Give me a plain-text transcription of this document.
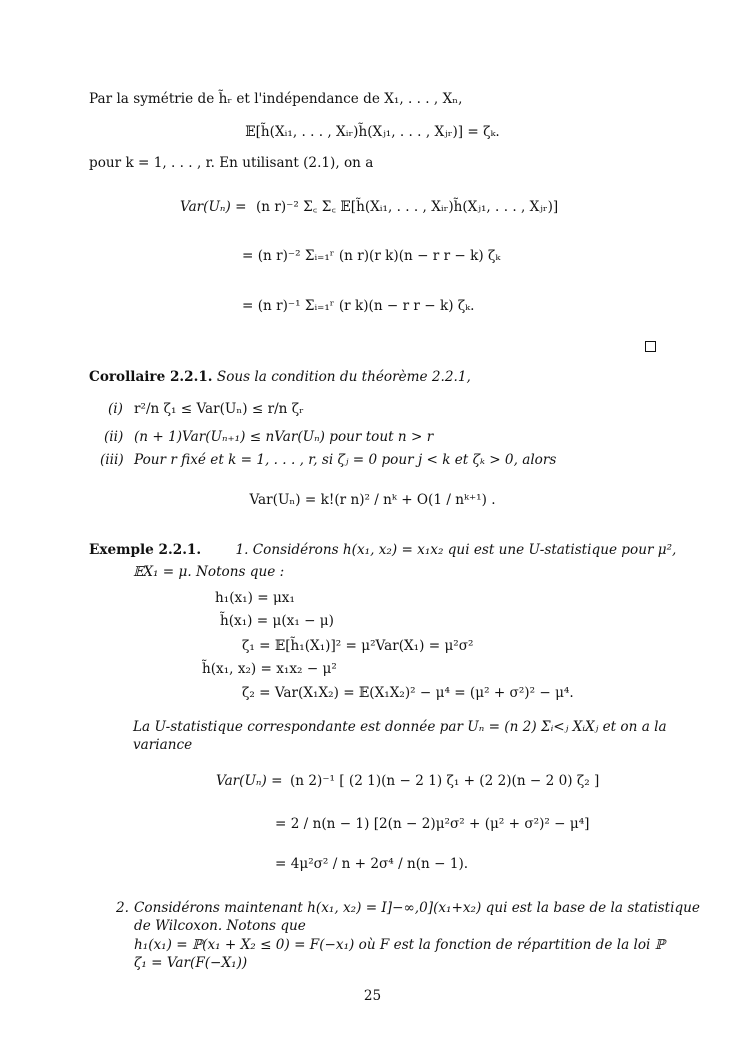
Par la symétrie de h̃ᵣ et l'indépendance de X₁, . . . , Xₙ,
𝔼[h̃(Xᵢ₁, . . . , Xᵢᵣ)h̃(Xⱼ₁, . . . , Xⱼᵣ)] = ζₖ.
pour k = 1, . . . , r. En utilisant (2.1), on a
Var(Uₙ) = (n r)⁻² Σ꜀ Σ꜀ 𝔼[h̃(Xᵢ₁, . . . , Xᵢᵣ)h̃(Xⱼ₁, . . . , Xⱼᵣ)]
= (n r)⁻² Σᵢ₌₁ʳ (n r)(r k)(n − r r − k) ζₖ
= (n r)⁻¹ Σᵢ₌₁ʳ (r k)(n − r r − k) ζₖ.
Corollaire 2.2.1. Sous la condition du théorème 2.2.1,
(i) r²/n ζ₁ ≤ Var(Uₙ) ≤ r/n ζᵣ
(ii) (n + 1)Var(Uₙ₊₁) ≤ nVar(Uₙ) pour tout n > r
(iii) Pour r fixé et k = 1, . . . , r, si ζⱼ = 0 pour j < k et ζₖ > 0, alors
Var(Uₙ) = k!(r n)² / nᵏ + O(1 / nᵏ⁺¹) .
Exemple 2.2.1.	1. Considérons h(x₁, x₂) = x₁x₂ qui est une U-statistique pour μ²,
𝔼X₁ = μ. Notons que :
h₁(x₁) = μx₁
h̃(x₁) = μ(x₁ − μ)
ζ₁ = 𝔼[h̃₁(X₁)]² = μ²Var(X₁) = μ²σ²
h̃(x₁, x₂) = x₁x₂ − μ²
ζ₂ = Var(X₁X₂) = 𝔼(X₁X₂)² − μ⁴ = (μ² + σ²)² − μ⁴.
La U-statistique correspondante est donnée par Uₙ = (n 2) Σᵢ<ⱼ XᵢXⱼ et on a la
variance
Var(Uₙ) = (n 2)⁻¹ [ (2 1)(n − 2 1) ζ₁ + (2 2)(n − 2 0) ζ₂ ]
= 2 / n(n − 1) [2(n − 2)μ²σ² + (μ² + σ²)² − μ⁴]
= 4μ²σ² / n + 2σ⁴ / n(n − 1).
2. Considérons maintenant h(x₁, x₂) = I]−∞,0](x₁+x₂) qui est la base de la statistique
de Wilcoxon. Notons que
h₁(x₁) = ℙ(x₁ + X₂ ≤ 0) = F(−x₁) où F est la fonction de répartition de la loi ℙ
ζ₁ = Var(F(−X₁))
25
